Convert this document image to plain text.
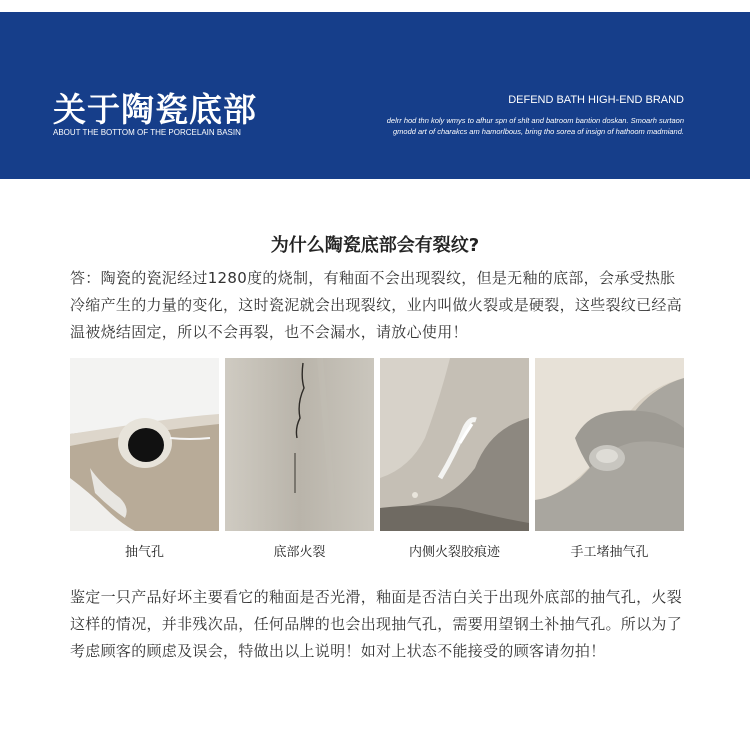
关于陶瓷底部
ABOUT THE BOTTOM OF THE PORCELAIN BASIN
DEFEND BATH HIGH-END BRAND
delrr hod thn koly wmys to afhur spn of shlt and batroom bantion doskan. Smoarh surtaon gmodd art of charakcs am hamorlbous, bring tho sorea of insign of hathoom madmiand.
为什么陶瓷底部会有裂纹?
答：陶瓷的瓷泥经过1280度的烧制，有釉面不会出现裂纹，但是无釉的底部，会承受热胀冷缩产生的力量的变化，这时瓷泥就会出现裂纹，业内叫做火裂或是硬裂，这些裂纹已经高温被烧结固定，所以不会再裂，也不会漏水，请放心使用！
抽气孔	底部火裂	内侧火裂胶痕迹	手工堵抽气孔
鉴定一只产品好坏主要看它的釉面是否光滑，釉面是否洁白关于出现外底部的抽气孔，火裂这样的情况，并非残次品，任何品牌的也会出现抽气孔，需要用望钢土补抽气孔。所以为了考虑顾客的顾虑及误会，特做出以上说明！如对上状态不能接受的顾客请勿拍！
